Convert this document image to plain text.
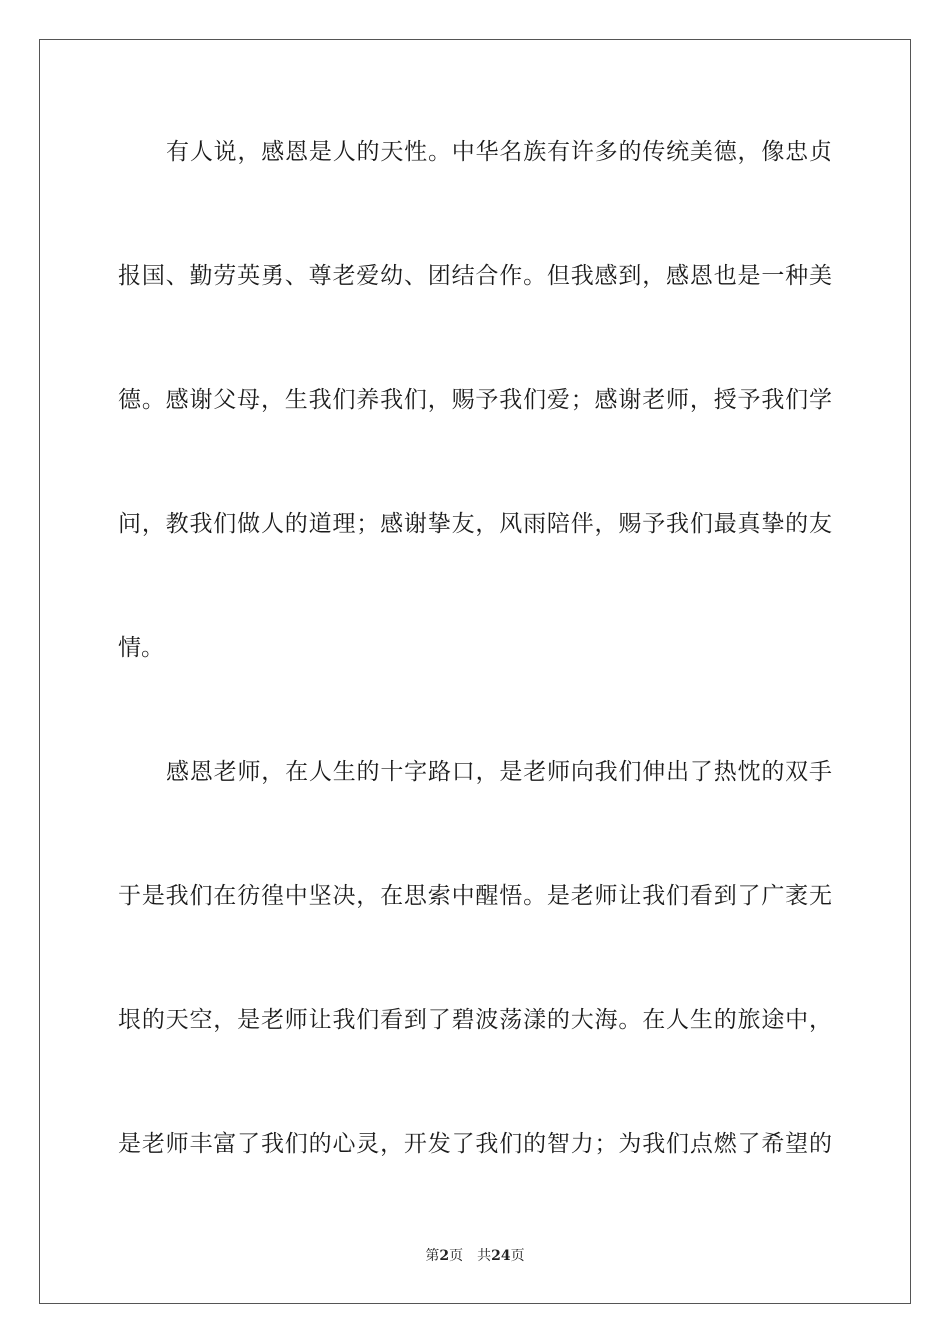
有人说，感恩是人的天性。中华名族有许多的传统美德，像忠贞
报国、勤劳英勇、尊老爱幼、团结合作。但我感到，感恩也是一种美
德。感谢父母，生我们养我们，赐予我们爱；感谢老师，授予我们学
问，教我们做人的道理；感谢挚友，风雨陪伴，赐予我们最真挚的友
情。
感恩老师，在人生的十字路口，是老师向我们伸出了热忱的双手
于是我们在彷徨中坚决，在思索中醒悟。是老师让我们看到了广袤无
垠的天空，是老师让我们看到了碧波荡漾的大海。在人生的旅途中，
是老师丰富了我们的心灵，开发了我们的智力；为我们点燃了希望的
第2页 共24页
